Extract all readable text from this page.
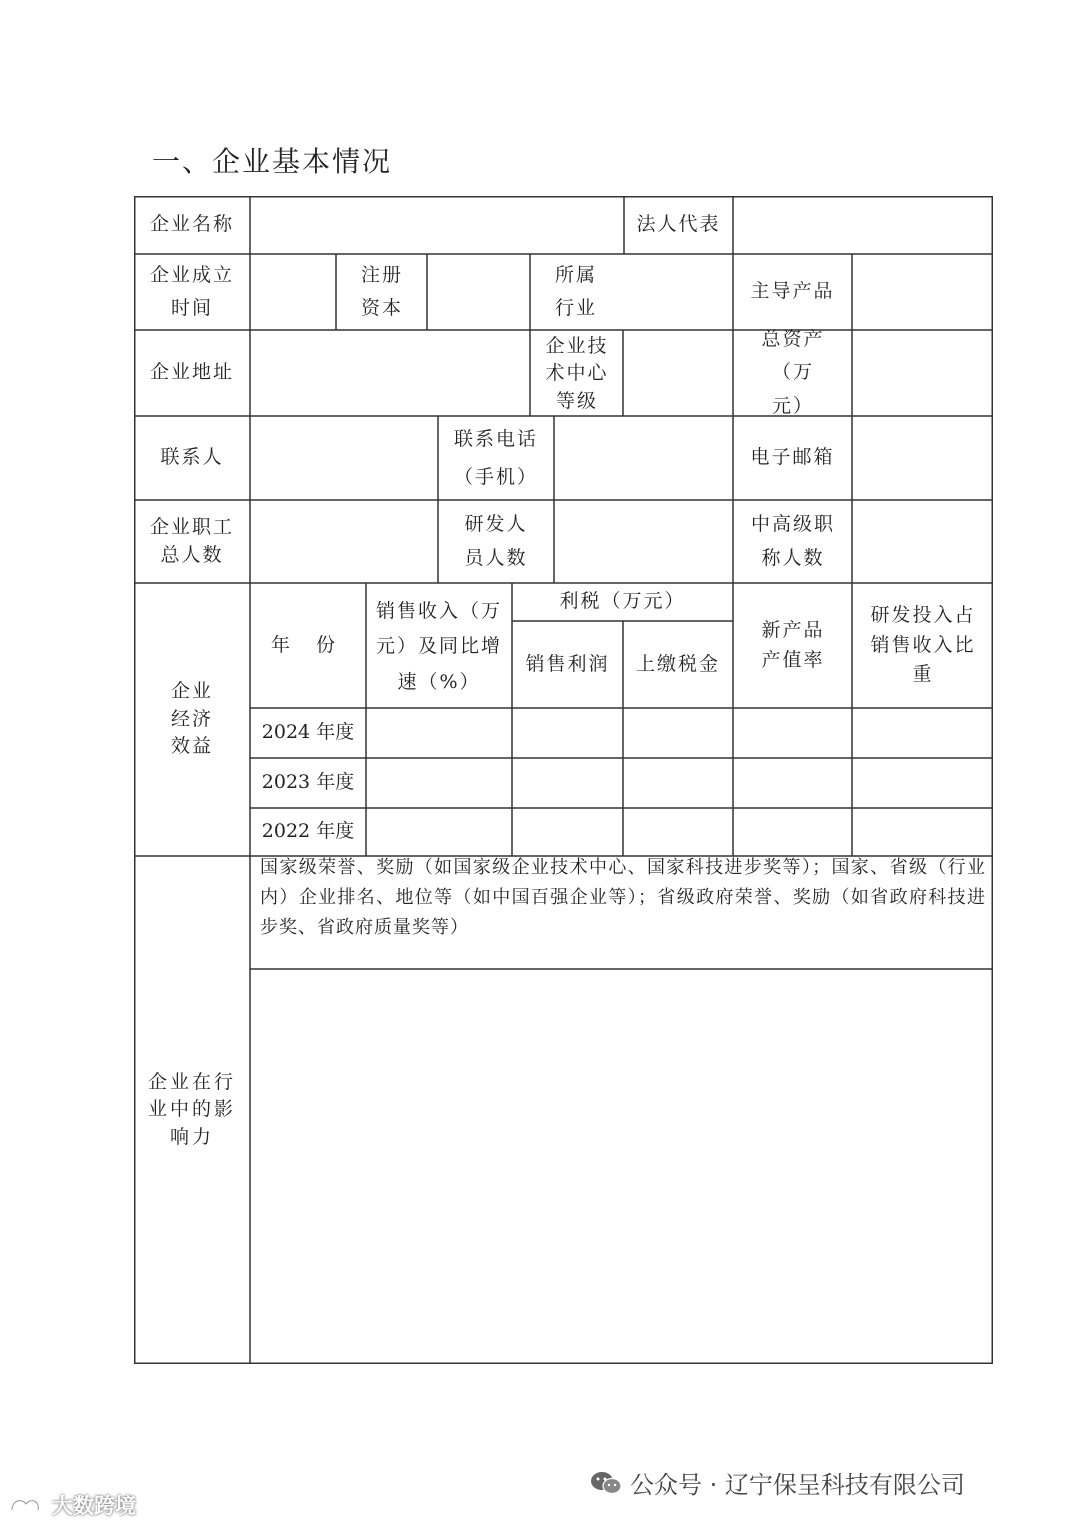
一、企业基本情况
企业名称	法人代表
企业成立时间
注册资本
所属行业
主导产品
企业地址
企业技术中心等级
总资产（万元）
联系人
联系电话（手机）
电子邮箱
企业职工总人数
研发人员人数
中高级职称人数
企业经济效益
年 份
销售收入（万元）及同比增速（%）
利税（万元）
销售利润	上缴税金
新产品产值率
研发投入占销售收入比重
2024 年度
2023 年度
2022 年度
企业在行业中的影响力
国家级荣誉、奖励（如国家级企业技术中心、国家科技进步奖等）；国家、省级（行业内）企业排名、地位等（如中国百强企业等）；省级政府荣誉、奖励（如省政府科技进步奖、省政府质量奖等）
公众号 · 辽宁保呈科技有限公司
大数跨境
